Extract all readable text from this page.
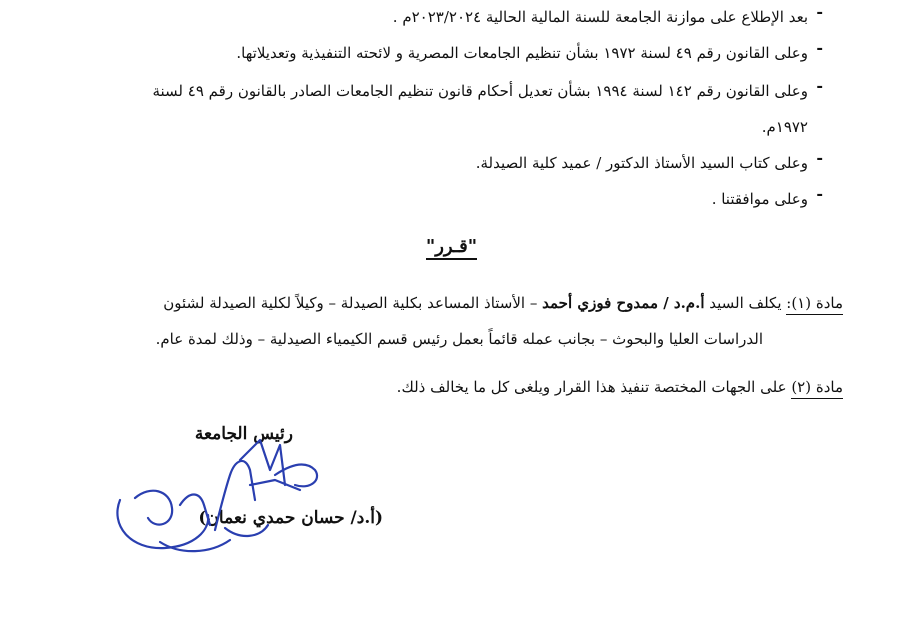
-
بعد الإطلاع على موازنة الجامعة للسنة المالية الحالية ٢٠٢٣/٢٠٢٤م .
-
وعلى القانون رقم ٤٩ لسنة ١٩٧٢ بشأن تنظيم الجامعات المصرية و لائحته التنفيذية وتعديلاتها.
-
وعلى القانون رقم ١٤٢ لسنة ١٩٩٤ بشأن تعديل أحكام قانون تنظيم الجامعات الصادر بالقانون رقم ٤٩ لسنة
١٩٧٢م.
-
وعلى كتاب السيد الأستاذ الدكتور / عميد كلية الصيدلة.
-
وعلى موافقتنا .
"قـرر"
مادة (١): يكلف السيد أ.م.د / ممدوح فوزي أحمد – الأستاذ المساعد بكلية الصيدلة – وكيلاً لكلية الصيدلة لشئون
الدراسات العليا والبحوث – بجانب عمله قائماً بعمل رئيس قسم الكيمياء الصيدلية – وذلك لمدة عام.
مادة (٢) على الجهات المختصة تنفيذ هذا القرار ويلغى كل ما يخالف ذلك.
رئيس الجامعة
(أ.د/ حسان حمدي نعمان)
